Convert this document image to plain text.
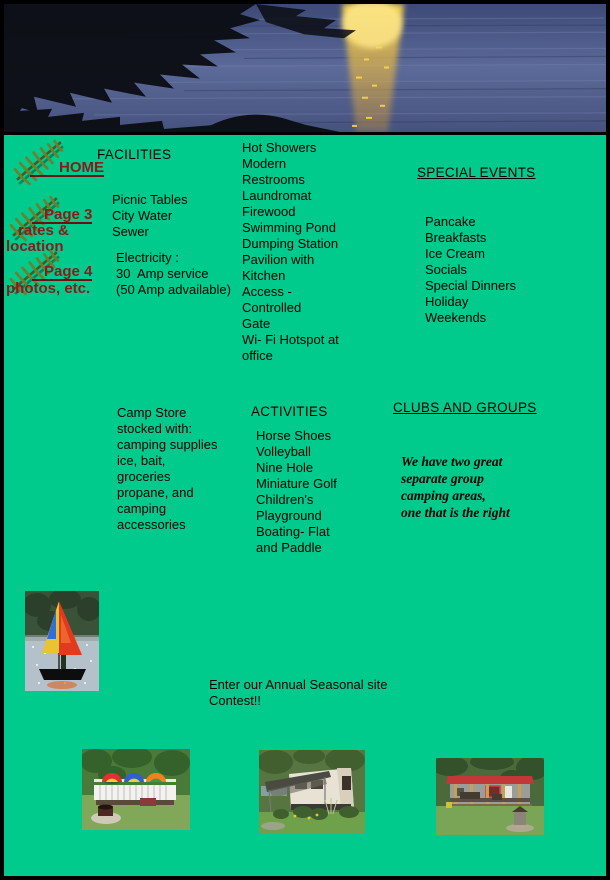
HOME
Page 3
rates &
location
Page 4
photos, etc.
FACILITIES
Picnic Tables
City Water
Sewer
Electricity :
30  Amp service
(50 Amp advailable)
Hot Showers
Modern
Restrooms
Laundromat
Firewood
Swimming Pond
Dumping Station
Pavilion with
Kitchen
Access -
Controlled
Gate
Wi- Fi Hotspot at
office
SPECIAL EVENTS
Pancake
Breakfasts
Ice Cream
Socials
Special Dinners
Holiday
Weekends
Camp Store
stocked with:
camping supplies
ice, bait,
groceries
propane, and
camping
accessories
ACTIVITIES
Horse Shoes
Volleyball
Nine Hole
Miniature Golf
Children's
Playground
Boating- Flat
and Paddle
CLUBS AND GROUPS
We have two great
separate group
camping areas,
one that is the right
Enter our Annual Seasonal site
Contest!!
